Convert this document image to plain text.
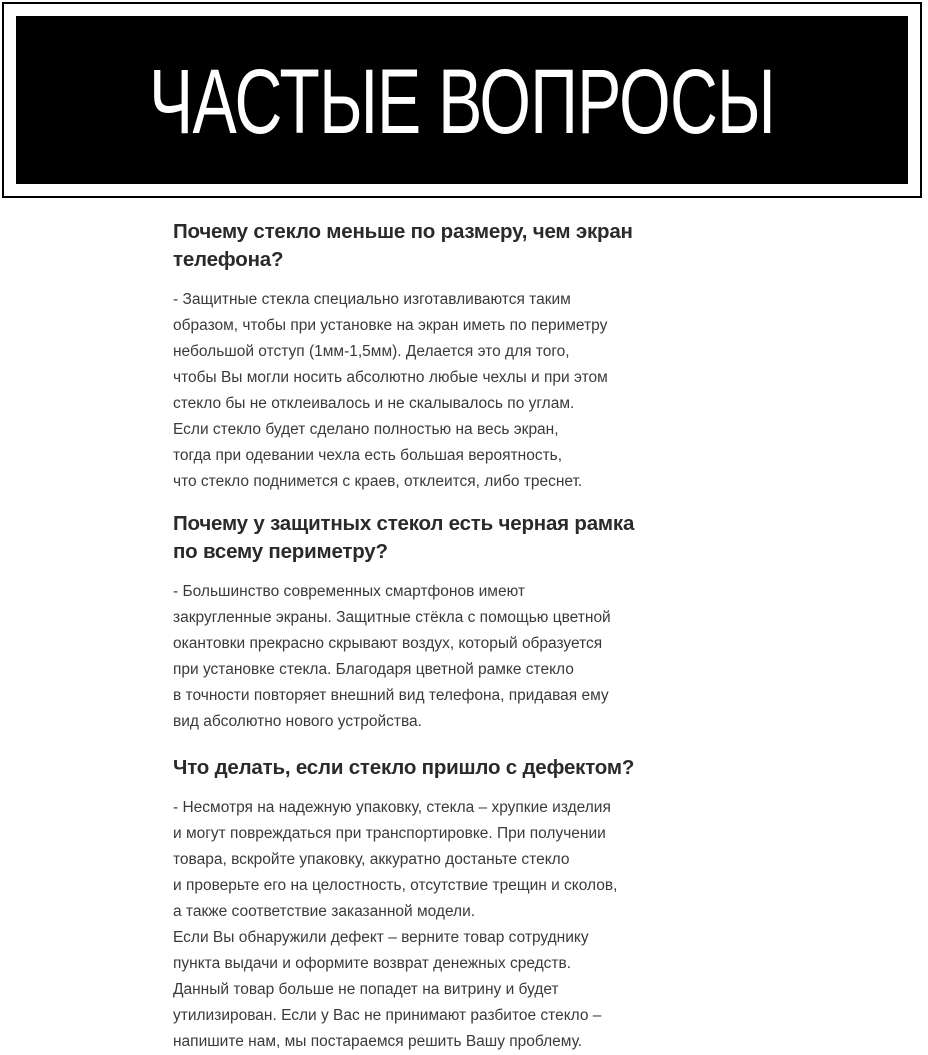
ЧАСТЫЕ ВОПРОСЫ

Почему стекло меньше по размеру, чем экран
телефона?

- Защитные стекла специально изготавливаются таким
образом, чтобы при установке на экран иметь по периметру
небольшой отступ (1мм-1,5мм). Делается это для того,
чтобы Вы могли носить абсолютно любые чехлы и при этом
стекло бы не отклеивалось и не скалывалось по углам.
Если стекло будет сделано полностью на весь экран,
тогда при одевании чехла есть большая вероятность,
что стекло поднимется с краев, отклеится, либо треснет.

Почему у защитных стекол есть черная рамка
по всему периметру?

- Большинство современных смартфонов имеют
закругленные экраны. Защитные стёкла с помощью цветной
окантовки прекрасно скрывают воздух, который образуется
при установке стекла. Благодаря цветной рамке стекло
в точности повторяет внешний вид телефона, придавая ему
вид абсолютно нового устройства.

Что делать, если стекло пришло с дефектом?

- Несмотря на надежную упаковку, стекла – хрупкие изделия
и могут повреждаться при транспортировке. При получении
товара, вскройте упаковку, аккуратно достаньте стекло
и проверьте его на целостность, отсутствие трещин и сколов,
а также соответствие заказанной модели.
Если Вы обнаружили дефект – верните товар сотруднику
пункта выдачи и оформите возврат денежных средств.
Данный товар больше не попадет на витрину и будет
утилизирован. Если у Вас не принимают разбитое стекло –
напишите нам, мы постараемся решить Вашу проблему.
